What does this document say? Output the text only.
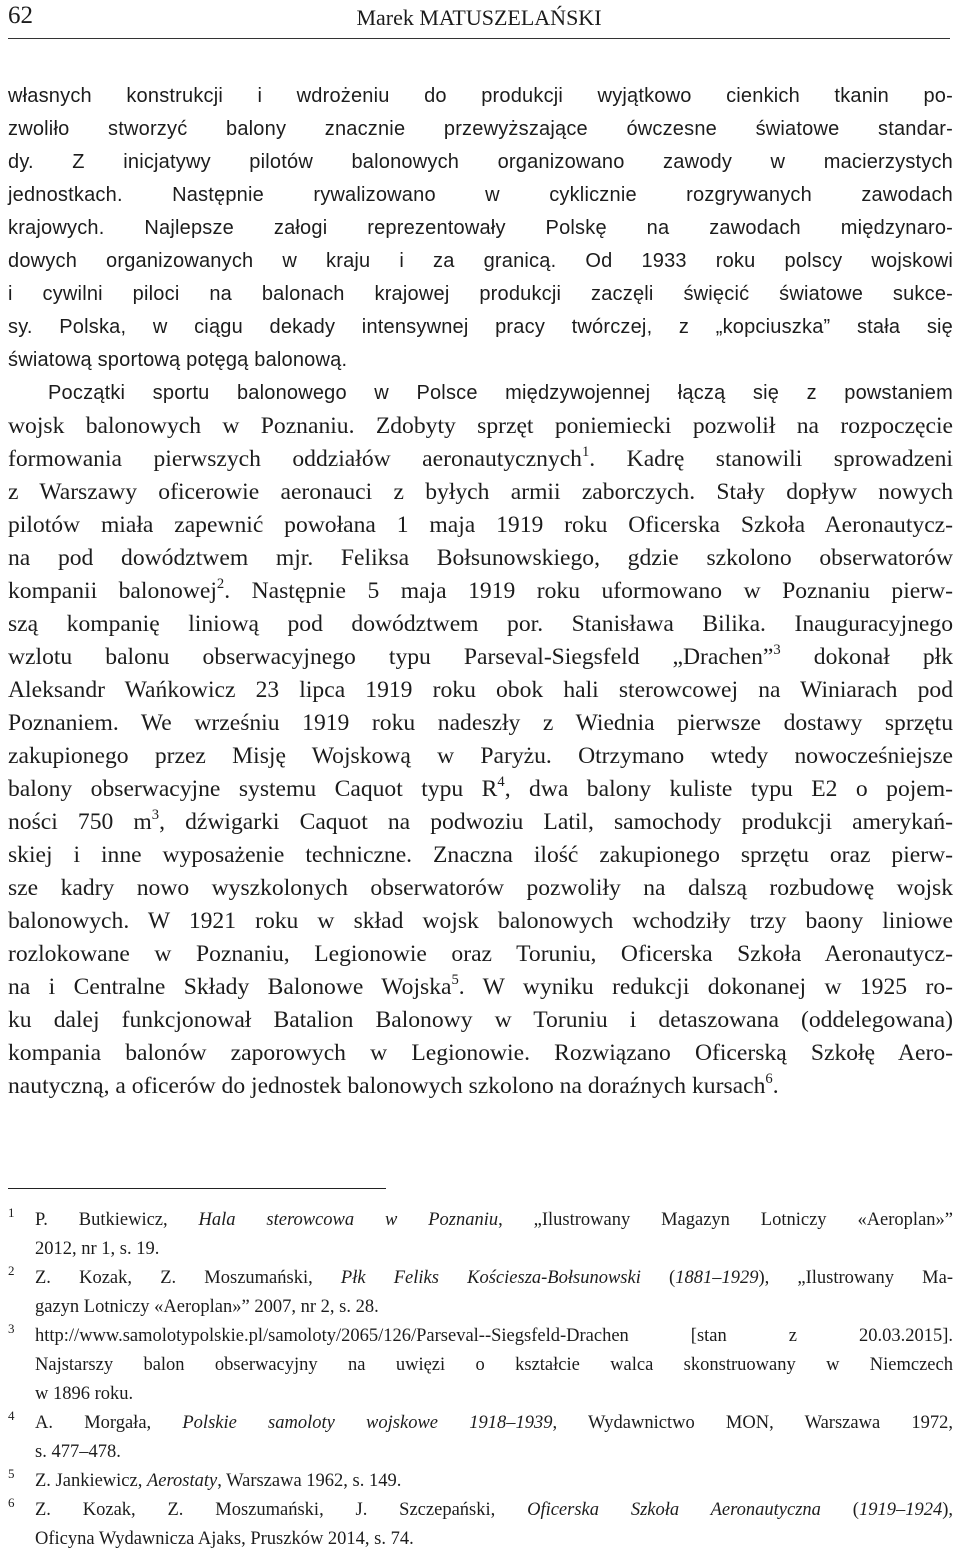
62	Marek MATUSZELAŃSKI
własnych konstrukcji i wdrożeniu do produkcji wyjątkowo cienkich tkanin po-
zwoliło stworzyć balony znacznie przewyższające ówczesne światowe standar-
dy. Z inicjatywy pilotów balonowych organizowano zawody w macierzystych
jednostkach. Następnie rywalizowano w cyklicznie rozgrywanych zawodach
krajowych. Najlepsze załogi reprezentowały Polskę na zawodach międzynaro-
dowych organizowanych w kraju i za granicą. Od 1933 roku polscy wojskowi
i cywilni piloci na balonach krajowej produkcji zaczęli święcić światowe sukce-
sy. Polska, w ciągu dekady intensywnej pracy twórczej, z „kopciuszka” stała się
światową sportową potęgą balonową.
Początki sportu balonowego w Polsce międzywojennej łączą się z powstaniem
wojsk balonowych w Poznaniu. Zdobyty sprzęt poniemiecki pozwolił na rozpoczęcie
formowania pierwszych oddziałów aeronautycznych$^1$. Kadrę stanowili sprowadzeni
z Warszawy oficerowie aeronauci z byłych armii zaborczych. Stały dopływ nowych
pilotów miała zapewnić powołana 1 maja 1919 roku Oficerska Szkoła Aeronautycz-
na pod dowództwem mjr. Feliksa Bołsunowskiego, gdzie szkolono obserwatorów
kompanii balonowej$^2$. Następnie 5 maja 1919 roku uformowano w Poznaniu pierw-
szą kompanię liniową pod dowództwem por. Stanisława Bilika. Inauguracyjnego
wzlotu balonu obserwacyjnego typu Parseval-Siegsfeld „Drachen”$^3$ dokonał płk
Aleksandr Wańkowicz 23 lipca 1919 roku obok hali sterowcowej na Winiarach pod
Poznaniem. We wrześniu 1919 roku nadeszły z Wiednia pierwsze dostawy sprzętu
zakupionego przez Misję Wojskową w Paryżu. Otrzymano wtedy nowocześniejsze
balony obserwacyjne systemu Caquot typu $R^4$, dwa balony kuliste typu E2 o pojem-
ności 750 $m^3$, dźwigarki Caquot na podwoziu Latil, samochody produkcji amerykań-
skiej i inne wyposażenie techniczne. Znaczna ilość zakupionego sprzętu oraz pierw-
sze kadry nowo wyszkolonych obserwatorów pozwoliły na dalszą rozbudowę wojsk
balonowych. W 1921 roku w skład wojsk balonowych wchodziły trzy baony liniowe
rozlokowane w Poznaniu, Legionowie oraz Toruniu, Oficerska Szkoła Aeronautycz-
na i Centralne Składy Balonowe Wojska$^5$. W wyniku redukcji dokonanej w 1925 ro-
ku dalej funkcjonował Batalion Balonowy w Toruniu i detaszowana (oddelegowana)
kompania balonów zaporowych w Legionowie. Rozwiązano Oficerską Szkołę Aero-
nautyczną, a oficerów do jednostek balonowych szkolono na doraźnych kursach$^6$.
1 P. Butkiewicz, Hala sterowcowa w Poznaniu, „Ilustrowany Magazyn Lotniczy «Aeroplan»”
2012, nr 1, s. 19.
2 Z. Kozak, Z. Moszumański, Płk Feliks Kościesza-Bołsunowski (1881–1929), „Ilustrowany Ma-
gazyn Lotniczy «Aeroplan»” 2007, nr 2, s. 28.
3 http://www.samolotypolskie.pl/samoloty/2065/126/Parseval--Siegsfeld-Drachen [stan z 20.03.2015].
Najstarszy balon obserwacyjny na uwięzi o kształcie walca skonstruowany w Niemczech
w 1896 roku.
4 A. Morgała, Polskie samoloty wojskowe 1918–1939, Wydawnictwo MON, Warszawa 1972,
s. 477–478.
5 Z. Jankiewicz, Aerostaty, Warszawa 1962, s. 149.
6 Z. Kozak, Z. Moszumański, J. Szczepański, Oficerska Szkoła Aeronautyczna (1919–1924),
Oficyna Wydawnicza Ajaks, Pruszków 2014, s. 74.
